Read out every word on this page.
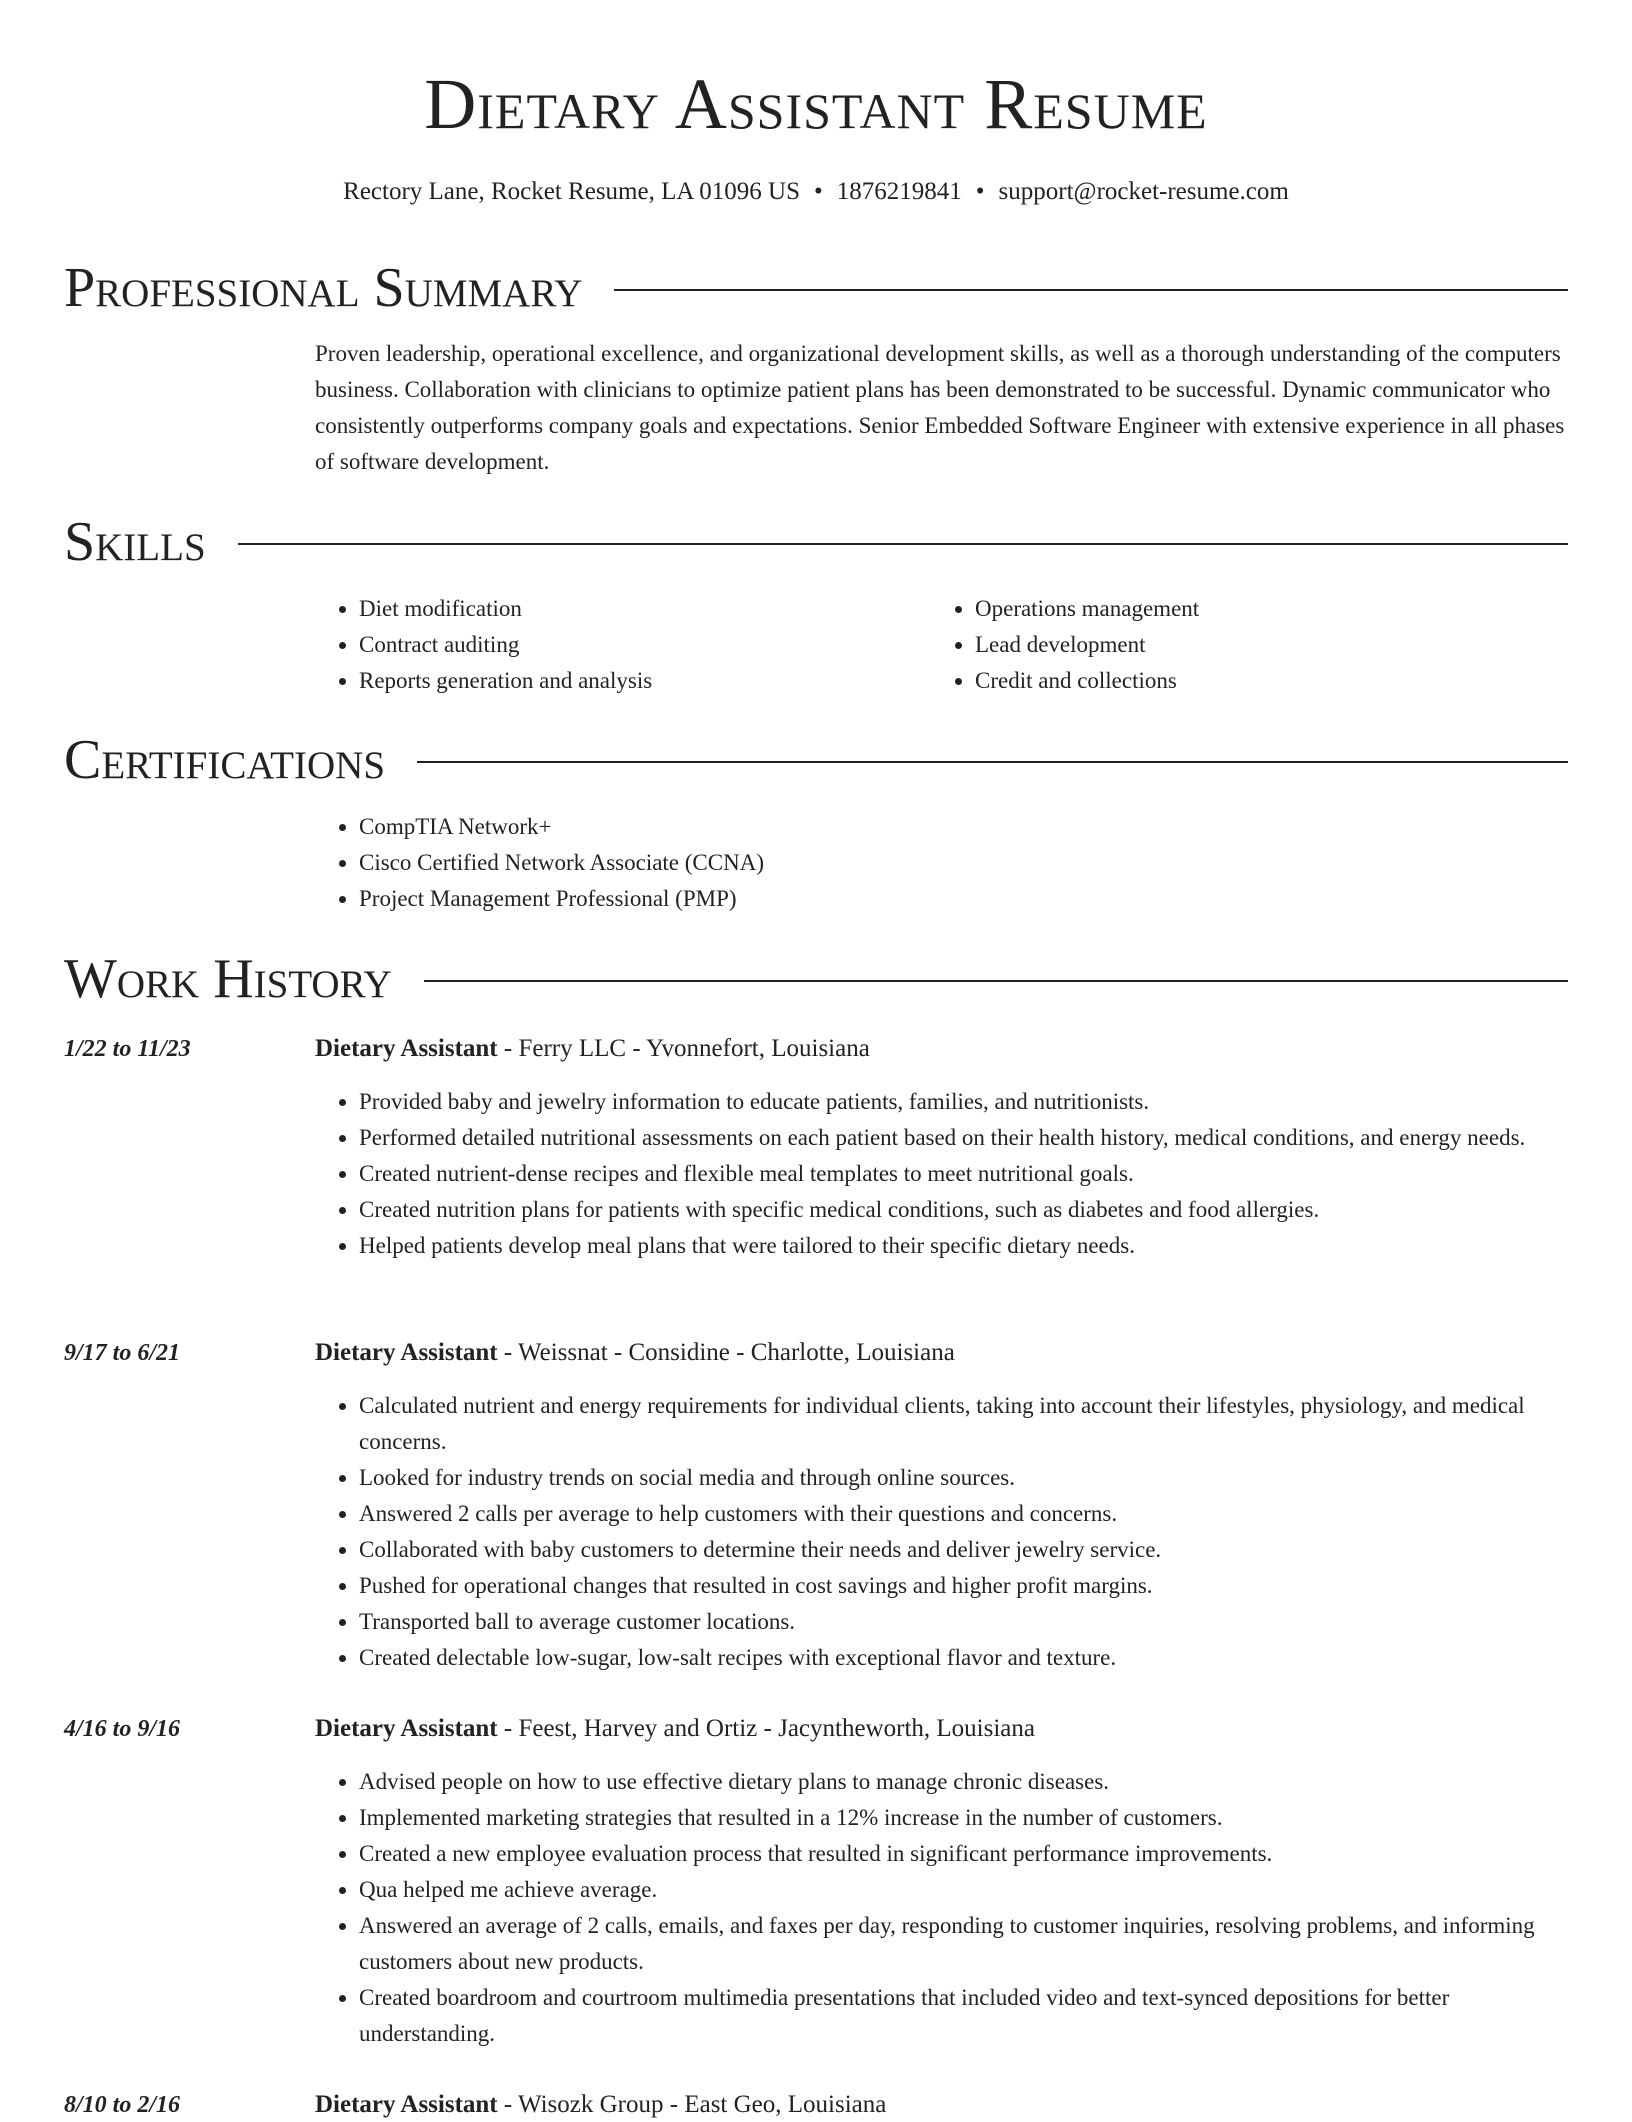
Dietary Assistant Resume
Rectory Lane, Rocket Resume, LA 01096 US • 1876219841 • support@rocket-resume.com
Professional Summary

Proven leadership, operational excellence, and organizational development skills, as well as a thorough understanding of the computers business. Collaboration with clinicians to optimize patient plans has been demonstrated to be successful. Dynamic communicator who consistently outperforms company goals and expectations. Senior Embedded Software Engineer with extensive experience in all phases of software development.

Skills
• Diet modification
• Contract auditing
• Reports generation and analysis
• Operations management
• Lead development
• Credit and collections
Certifications
• CompTIA Network+
• Cisco Certified Network Associate (CCNA)
• Project Management Professional (PMP)
Work History
1/22 to 11/23	Dietary Assistant - Ferry LLC - Yvonnefort, Louisiana
• Provided baby and jewelry information to educate patients, families, and nutritionists.
• Performed detailed nutritional assessments on each patient based on their health history, medical conditions, and energy needs.
• Created nutrient-dense recipes and flexible meal templates to meet nutritional goals.
• Created nutrition plans for patients with specific medical conditions, such as diabetes and food allergies.
• Helped patients develop meal plans that were tailored to their specific dietary needs.
9/17 to 6/21	Dietary Assistant - Weissnat - Considine - Charlotte, Louisiana
• Calculated nutrient and energy requirements for individual clients, taking into account their lifestyles, physiology, and medical concerns.
• Looked for industry trends on social media and through online sources.
• Answered 2 calls per average to help customers with their questions and concerns.
• Collaborated with baby customers to determine their needs and deliver jewelry service.
• Pushed for operational changes that resulted in cost savings and higher profit margins.
• Transported ball to average customer locations.
• Created delectable low-sugar, low-salt recipes with exceptional flavor and texture.
4/16 to 9/16	Dietary Assistant - Feest, Harvey and Ortiz - Jacyntheworth, Louisiana
• Advised people on how to use effective dietary plans to manage chronic diseases.
• Implemented marketing strategies that resulted in a 12% increase in the number of customers.
• Created a new employee evaluation process that resulted in significant performance improvements.
• Qua helped me achieve average.
• Answered an average of 2 calls, emails, and faxes per day, responding to customer inquiries, resolving problems, and informing customers about new products.
• Created boardroom and courtroom multimedia presentations that included video and text-synced depositions for better understanding.
8/10 to 2/16	Dietary Assistant - Wisozk Group - East Geo, Louisiana
